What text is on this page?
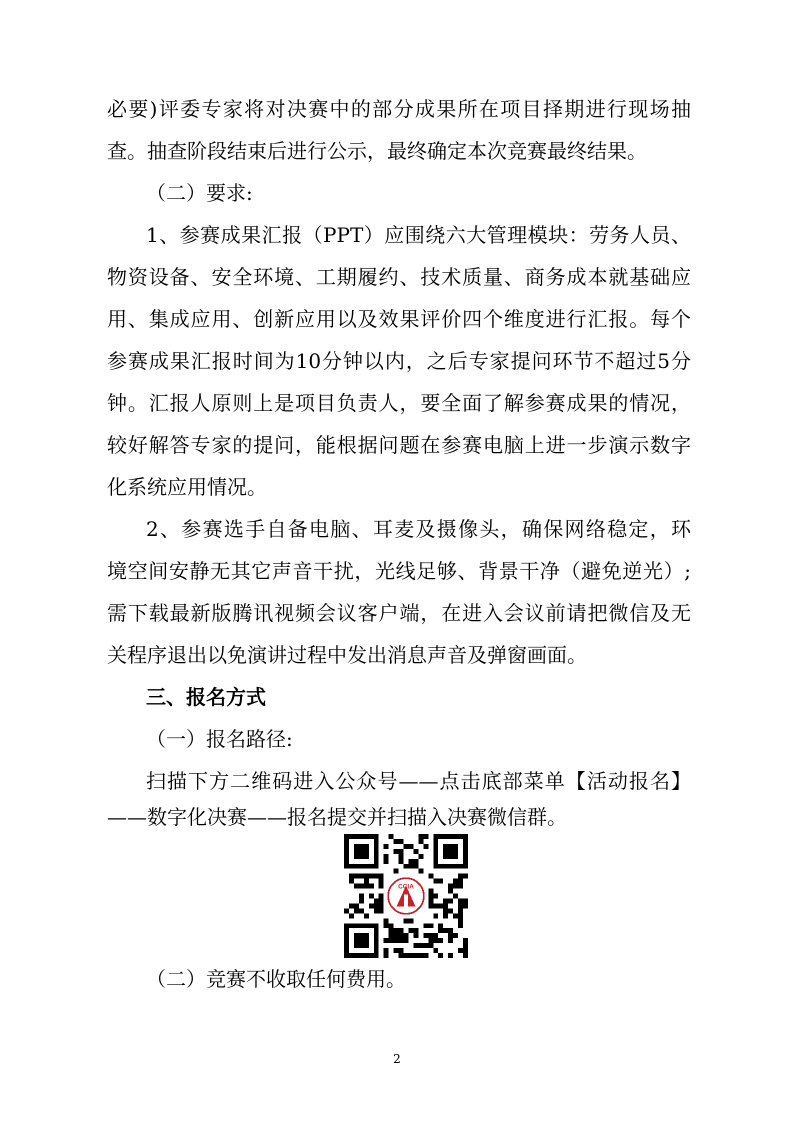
必要)评委专家将对决赛中的部分成果所在项目择期进行现场抽
查。抽查阶段结束后进行公示，最终确定本次竞赛最终结果。
（二）要求:
1、参赛成果汇报（PPT）应围绕六大管理模块：劳务人员、
物资设备、安全环境、工期履约、技术质量、商务成本就基础应
用、集成应用、创新应用以及效果评价四个维度进行汇报。每个
参赛成果汇报时间为10分钟以内，之后专家提问环节不超过5分
钟。汇报人原则上是项目负责人，要全面了解参赛成果的情况，
较好解答专家的提问，能根据问题在参赛电脑上进一步演示数字
化系统应用情况。
2、参赛选手自备电脑、耳麦及摄像头，确保网络稳定，环
境空间安静无其它声音干扰，光线足够、背景干净（避免逆光）;
需下载最新版腾讯视频会议客户端，在进入会议前请把微信及无
关程序退出以免演讲过程中发出消息声音及弹窗画面。
三、报名方式
（一）报名路径:
扫描下方二维码进入公众号——点击底部菜单【活动报名】
——数字化决赛——报名提交并扫描入决赛微信群。
CCIA
（二）竞赛不收取任何费用。
2
